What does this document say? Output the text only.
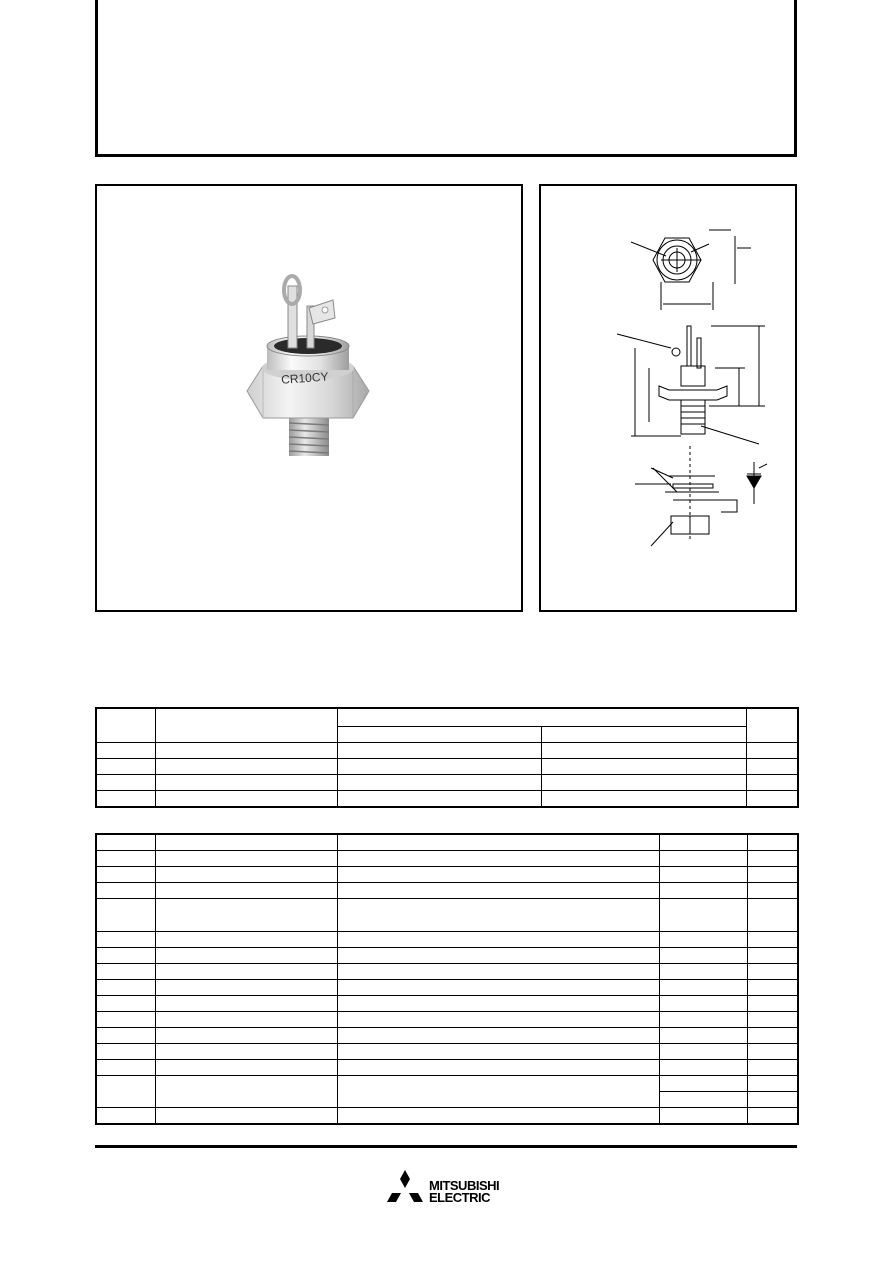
CR10CY

MITSUBISHI
ELECTRIC
